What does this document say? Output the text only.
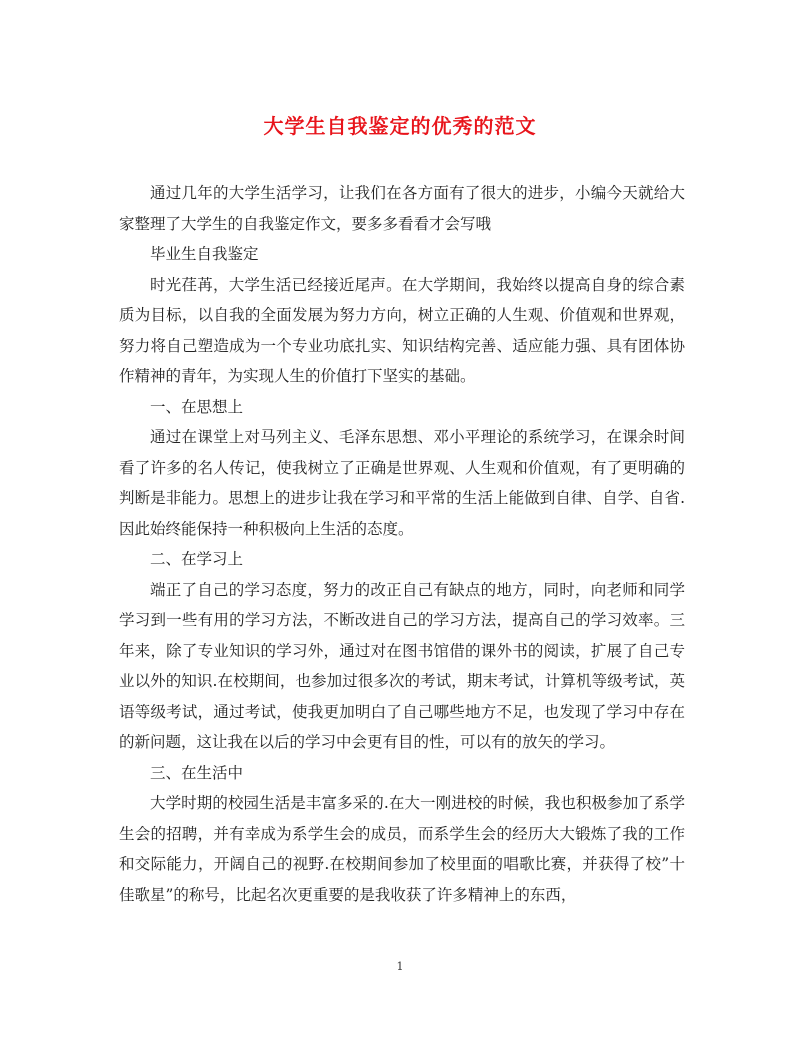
大学生自我鉴定的优秀的范文

通过几年的大学生活学习，让我们在各方面有了很大的进步，小编今天就给大家整理了大学生的自我鉴定作文，要多多看看才会写哦

毕业生自我鉴定

时光荏苒，大学生活已经接近尾声。在大学期间，我始终以提高自身的综合素质为目标，以自我的全面发展为努力方向，树立正确的人生观、价值观和世界观，努力将自己塑造成为一个专业功底扎实、知识结构完善、适应能力强、具有团体协作精神的青年，为实现人生的价值打下坚实的基础。

一、在思想上

通过在课堂上对马列主义、毛泽东思想、邓小平理论的系统学习，在课余时间看了许多的名人传记，使我树立了正确是世界观、人生观和价值观，有了更明确的判断是非能力。思想上的进步让我在学习和平常的生活上能做到自律、自学、自省.因此始终能保持一种积极向上生活的态度。

二、在学习上

端正了自己的学习态度，努力的改正自己有缺点的地方，同时，向老师和同学学习到一些有用的学习方法，不断改进自己的学习方法，提高自己的学习效率。三年来，除了专业知识的学习外，通过对在图书馆借的课外书的阅读，扩展了自己专业以外的知识.在校期间，也参加过很多次的考试，期末考试，计算机等级考试，英语等级考试，通过考试，使我更加明白了自己哪些地方不足，也发现了学习中存在的新问题，这让我在以后的学习中会更有目的性，可以有的放矢的学习。

三、在生活中

大学时期的校园生活是丰富多采的.在大一刚进校的时候，我也积极参加了系学生会的招聘，并有幸成为系学生会的成员，而系学生会的经历大大锻炼了我的工作和交际能力，开阔自己的视野.在校期间参加了校里面的唱歌比赛，并获得了校”十佳歌星”的称号，比起名次更重要的是我收获了许多精神上的东西，

1
